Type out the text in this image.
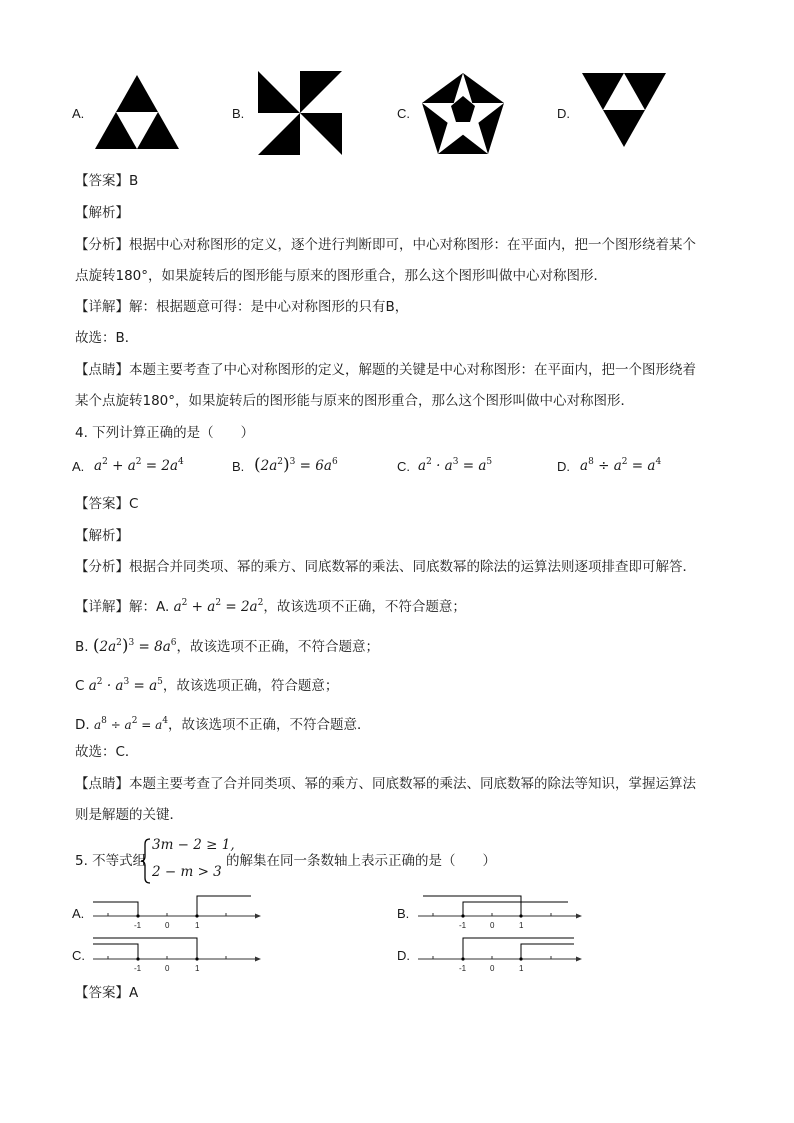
A.	B.	C.	D.
【答案】B
【解析】
【分析】根据中心对称图形的定义，逐个进行判断即可，中心对称图形：在平面内，把一个图形绕着某个
点旋转180°，如果旋转后的图形能与原来的图形重合，那么这个图形叫做中心对称图形．
【详解】解：根据题意可得：是中心对称图形的只有B，
故选：B．
【点睛】本题主要考查了中心对称图形的定义，解题的关键是中心对称图形：在平面内，把一个图形绕着
某个点旋转180°，如果旋转后的图形能与原来的图形重合，那么这个图形叫做中心对称图形．
4. 下列计算正确的是（　　）
A. $a^2 + a^2 = 2a^4$	B. $(2a^2)^3 = 6a^6$	C. $a^2 \cdot a^3 = a^5$	D. $a^8 \div a^2 = a^4$
【答案】C
【解析】
【分析】根据合并同类项、幂的乘方、同底数幂的乘法、同底数幂的除法的运算法则逐项排查即可解答．
【详解】解：A. $a^2 + a^2 = 2a^2$，故该选项不正确，不符合题意；
B. $(2a^2)^3 = 8a^6$，故该选项不正确，不符合题意；
C $a^2 \cdot a^3 = a^5$，故该选项正确，符合题意；
D. $a^8 \div a^2 = a^4$，故该选项不正确，不符合题意．
故选：C．
【点睛】本题主要考查了合并同类项、幂的乘方、同底数幂的乘法、同底数幂的除法等知识，掌握运算法
则是解题的关键．
5. 不等式组
3m − 2 ≥ 1,
2 − m > 3
的解集在同一条数轴上表示正确的是（　　）
A.
-1	0	1
B.
-1	0	1
C.
-1	0	1
D.
-1	0	1
【答案】A
